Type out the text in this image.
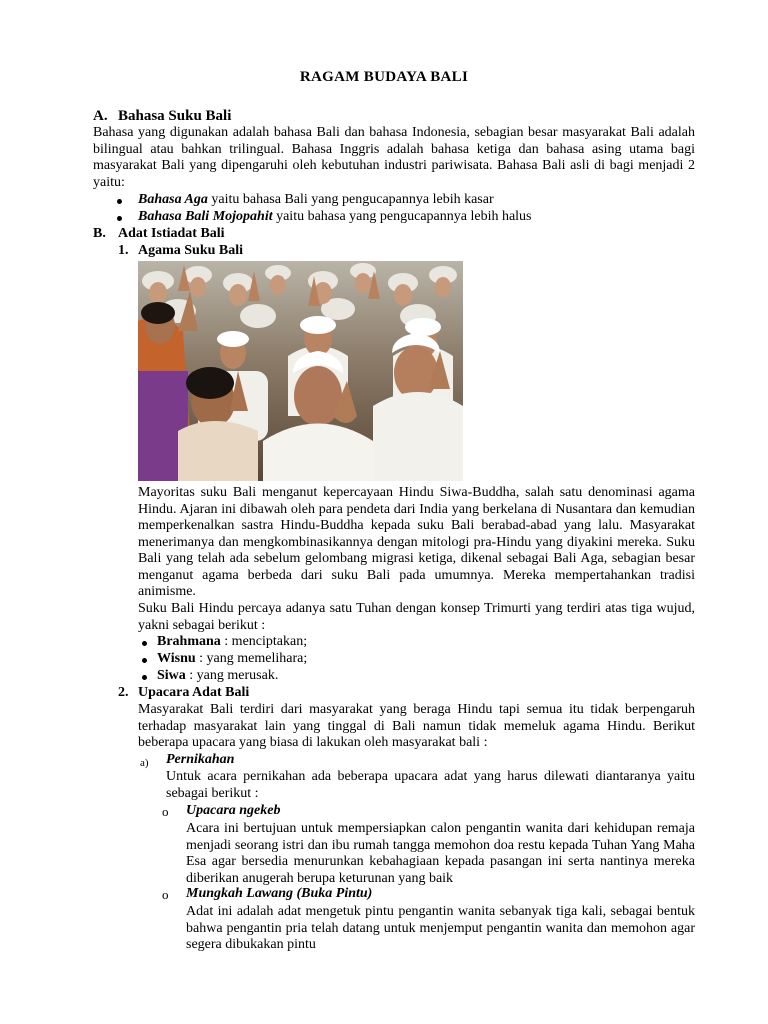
RAGAM BUDAYA BALI
A. Bahasa Suku Bali
Bahasa yang digunakan adalah bahasa Bali dan bahasa Indonesia, sebagian besar masyarakat Bali adalah bilingual atau bahkan trilingual. Bahasa Inggris adalah bahasa ketiga dan bahasa asing utama bagi masyarakat Bali yang dipengaruhi oleh kebutuhan industri pariwisata. Bahasa Bali asli di bagi menjadi 2 yaitu:
Bahasa Aga yaitu bahasa Bali yang pengucapannya lebih kasar
Bahasa Bali Mojopahit yaitu bahasa yang pengucapannya lebih halus
B. Adat Istiadat Bali
1. Agama Suku Bali
Mayoritas suku Bali menganut kepercayaan Hindu Siwa-Buddha, salah satu denominasi agama Hindu. Ajaran ini dibawah oleh para pendeta dari India yang berkelana di Nusantara dan kemudian memperkenalkan sastra Hindu-Buddha kepada suku Bali berabad-abad yang lalu. Masyarakat menerimanya dan mengkombinasikannya dengan mitologi pra-Hindu yang diyakini mereka. Suku Bali yang telah ada sebelum gelombang migrasi ketiga, dikenal sebagai Bali Aga, sebagian besar menganut agama berbeda dari suku Bali pada umumnya. Mereka mempertahankan tradisi animisme.
Suku Bali Hindu percaya adanya satu Tuhan dengan konsep Trimurti yang terdiri atas tiga wujud, yakni sebagai berikut :
Brahmana : menciptakan;
Wisnu : yang memelihara;
Siwa : yang merusak.
2. Upacara Adat Bali
Masyarakat Bali terdiri dari masyarakat yang beraga Hindu tapi semua itu tidak berpengaruh terhadap masyarakat lain yang tinggal di Bali namun tidak memeluk agama Hindu. Berikut beberapa upacara yang biasa di lakukan oleh masyarakat bali :
a) Pernikahan
Untuk acara pernikahan ada beberapa upacara adat yang harus dilewati diantaranya yaitu sebagai berikut :
o Upacara ngekeb
Acara ini bertujuan untuk mempersiapkan calon pengantin wanita dari kehidupan remaja menjadi seorang istri dan ibu rumah tangga memohon doa restu kepada Tuhan Yang Maha Esa agar bersedia menurunkan kebahagiaan kepada pasangan ini serta nantinya mereka diberikan anugerah berupa keturunan yang baik
o Mungkah Lawang (Buka Pintu)
Adat ini adalah adat mengetuk pintu pengantin wanita sebanyak tiga kali, sebagai bentuk bahwa pengantin pria telah datang untuk menjemput pengantin wanita dan memohon agar segera dibukakan pintu
